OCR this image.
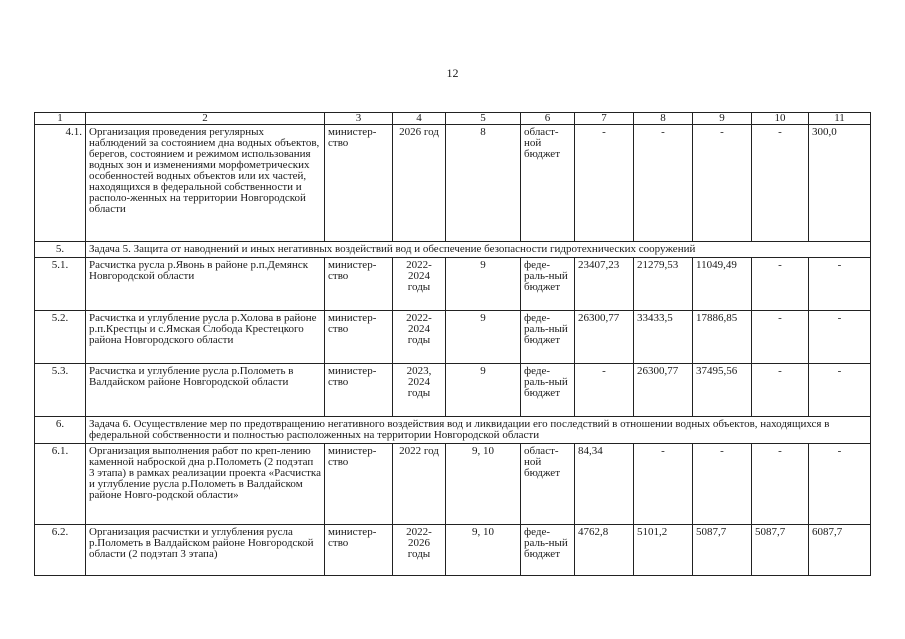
12
1	2	3	4	5	6	7	8	9	10	11
4.1.	Организация проведения регулярных наблюдений за состоянием дна водных объектов, берегов, состоянием и режимом использования водных зон и изменениями морфометрических особенностей водных объектов или их частей, находящихся в федеральной собственности и располо-женных на территории Новгородской области	министер-ство	2026 год	8	област-ной бюджет	-	-	-	-	300,0
5.	Задача 5. Защита от наводнений и иных негативных воздействий вод и обеспечение безопасности гидротехнических сооружений									
5.1.	Расчистка русла р.Явонь в районе р.п.Демянск Новгородской области	министер-ство	2022-2024 годы	9	феде-раль-ный бюджет	23407,23	21279,53	11049,49	-	-
5.2.	Расчистка и углубление русла р.Холова в районе р.п.Крестцы и с.Ямская Слобода Крестецкого района Новгородского области	министер-ство	2022-2024 годы	9	феде-раль-ный бюджет	26300,77	33433,5	17886,85	-	-
5.3.	Расчистка и углубление русла р.Полометь в Валдайском районе Новгородской области	министер-ство	2023, 2024 годы	9	феде-раль-ный бюджет	-	26300,77	37495,56	-	-
6.	Задача 6. Осуществление мер по предотвращению негативного воздействия вод и ликвидации его последствий в отношении водных объектов, находящихся в федеральной собственности и полностью расположенных на территории Новгородской области									
6.1.	Организация выполнения работ по креп-лению каменной наброской дна р.Полометь (2 подэтап 3 этапа) в рамках реализации проекта «Расчистка и углубление русла р.Полометь в Валдайском районе Новго-родской области»	министер-ство	2022 год	9, 10	област-ной бюджет	84,34	-	-	-	-
6.2.	Организация расчистки и углубления русла р.Полометь в Валдайском районе Новгородской области (2 подэтап 3 этапа)	министер-ство	2022-2026 годы	9, 10	феде-раль-ный бюджет	4762,8	5101,2	5087,7	5087,7	6087,7
